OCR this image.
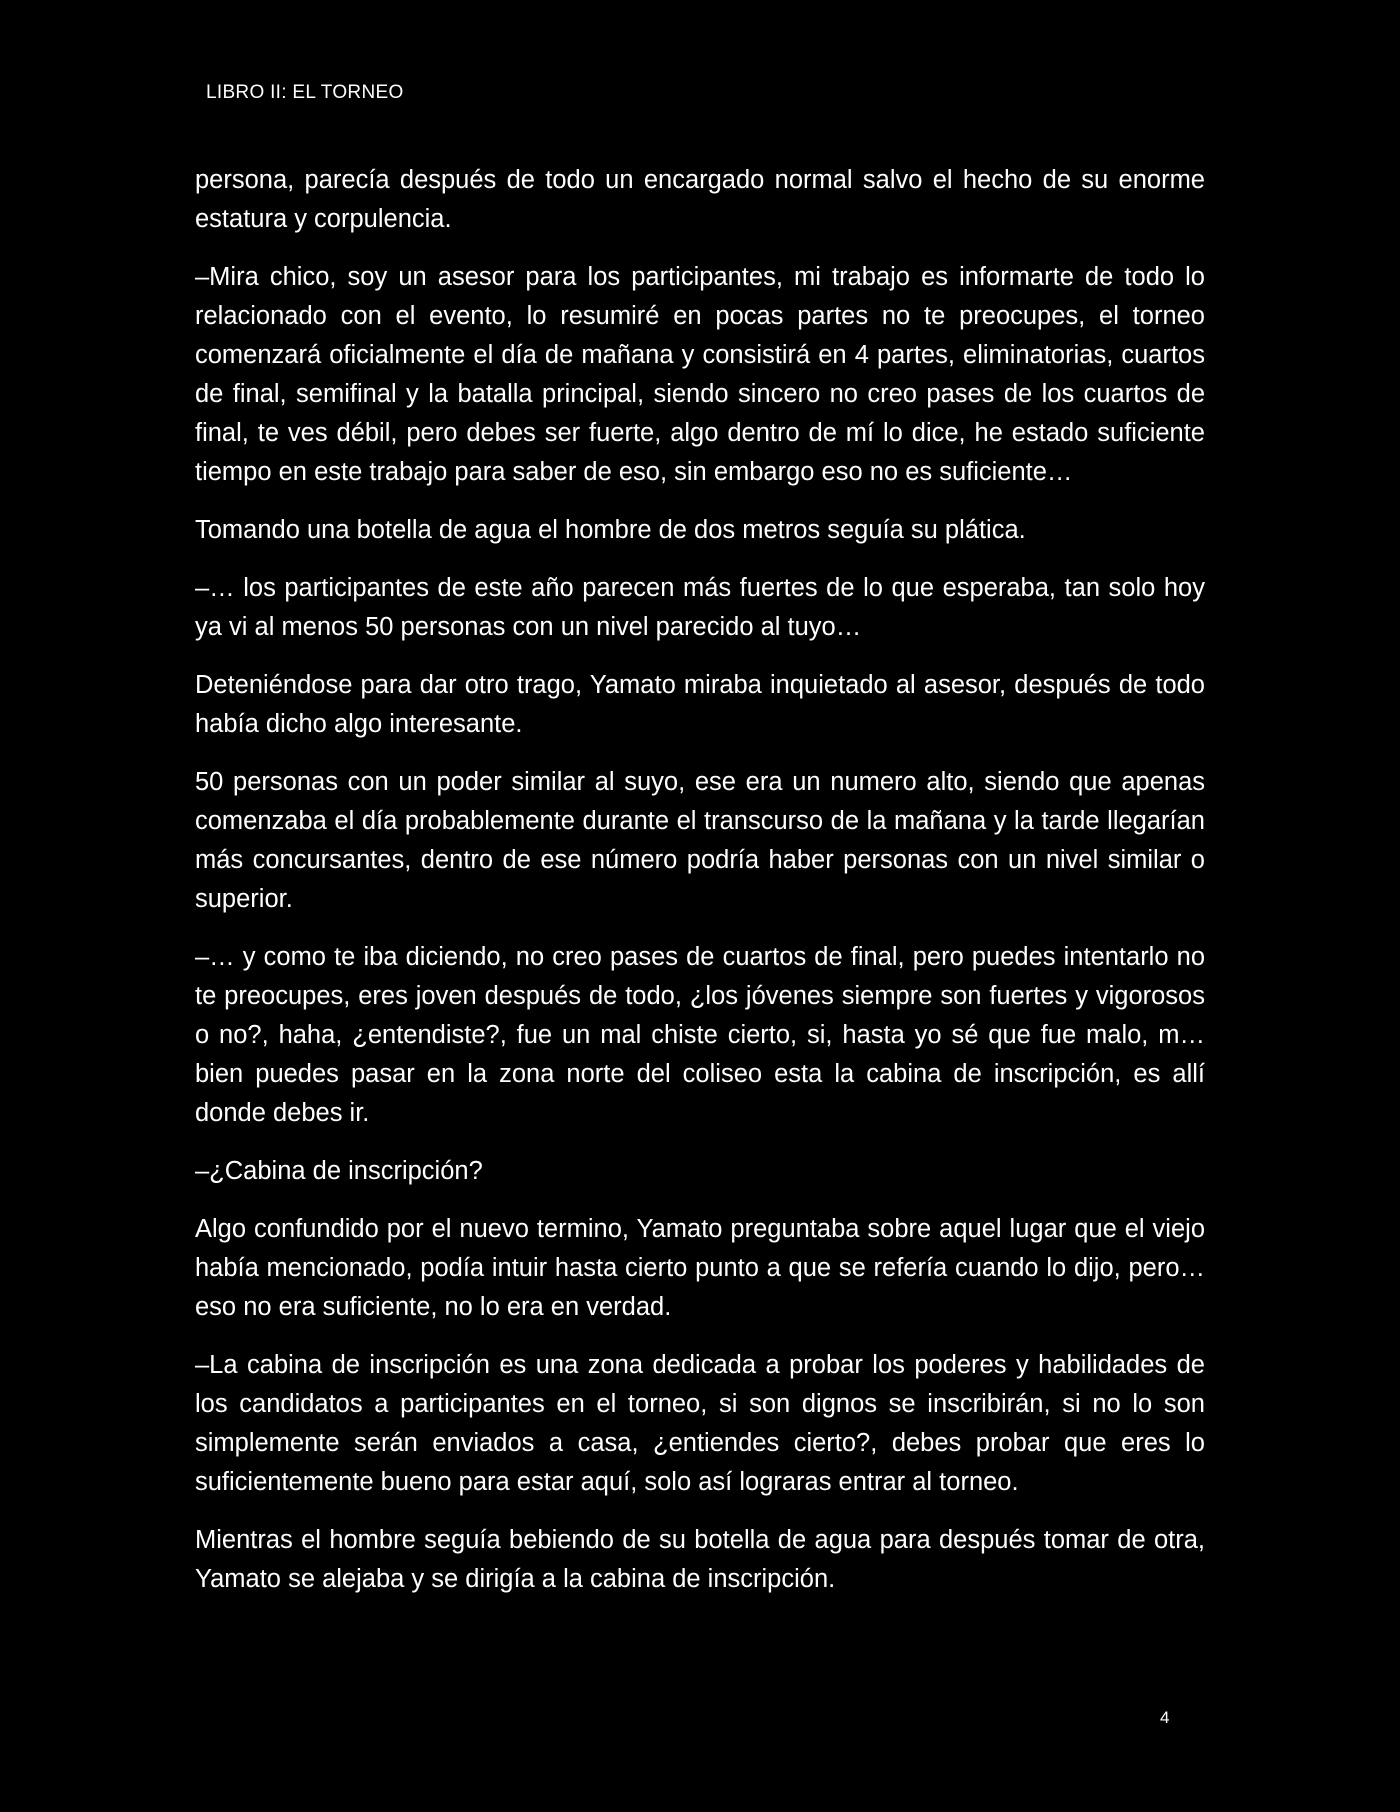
LIBRO II: EL TORNEO

persona, parecía después de todo un encargado normal salvo el hecho de su enorme estatura y corpulencia.

–Mira chico, soy un asesor para los participantes, mi trabajo es informarte de todo lo relacionado con el evento, lo resumiré en pocas partes no te preocupes, el torneo comenzará oficialmente el día de mañana y consistirá en 4 partes, eliminatorias, cuartos de final, semifinal y la batalla principal, siendo sincero no creo pases de los cuartos de final, te ves débil, pero debes ser fuerte, algo dentro de mí lo dice, he estado suficiente tiempo en este trabajo para saber de eso, sin embargo eso no es suficiente…

Tomando una botella de agua el hombre de dos metros seguía su plática.

–… los participantes de este año parecen más fuertes de lo que esperaba, tan solo hoy ya vi al menos 50 personas con un nivel parecido al tuyo…

Deteniéndose para dar otro trago, Yamato miraba inquietado al asesor, después de todo había dicho algo interesante.

50 personas con un poder similar al suyo, ese era un numero alto, siendo que apenas comenzaba el día probablemente durante el transcurso de la mañana y la tarde llegarían más concursantes, dentro de ese número podría haber personas con un nivel similar o superior.

–… y como te iba diciendo, no creo pases de cuartos de final, pero puedes intentarlo no te preocupes, eres joven después de todo, ¿los jóvenes siempre son fuertes y vigorosos o no?, haha, ¿entendiste?, fue un mal chiste cierto, si, hasta yo sé que fue malo, m… bien puedes pasar en la zona norte del coliseo esta la cabina de inscripción, es allí donde debes ir.

–¿Cabina de inscripción?

Algo confundido por el nuevo termino, Yamato preguntaba sobre aquel lugar que el viejo había mencionado, podía intuir hasta cierto punto a que se refería cuando lo dijo, pero… eso no era suficiente, no lo era en verdad.

–La cabina de inscripción es una zona dedicada a probar los poderes y habilidades de los candidatos a participantes en el torneo, si son dignos se inscribirán, si no lo son simplemente serán enviados a casa, ¿entiendes cierto?, debes probar que eres lo suficientemente bueno para estar aquí, solo así lograras entrar al torneo.

Mientras el hombre seguía bebiendo de su botella de agua para después tomar de otra, Yamato se alejaba y se dirigía a la cabina de inscripción.

4
